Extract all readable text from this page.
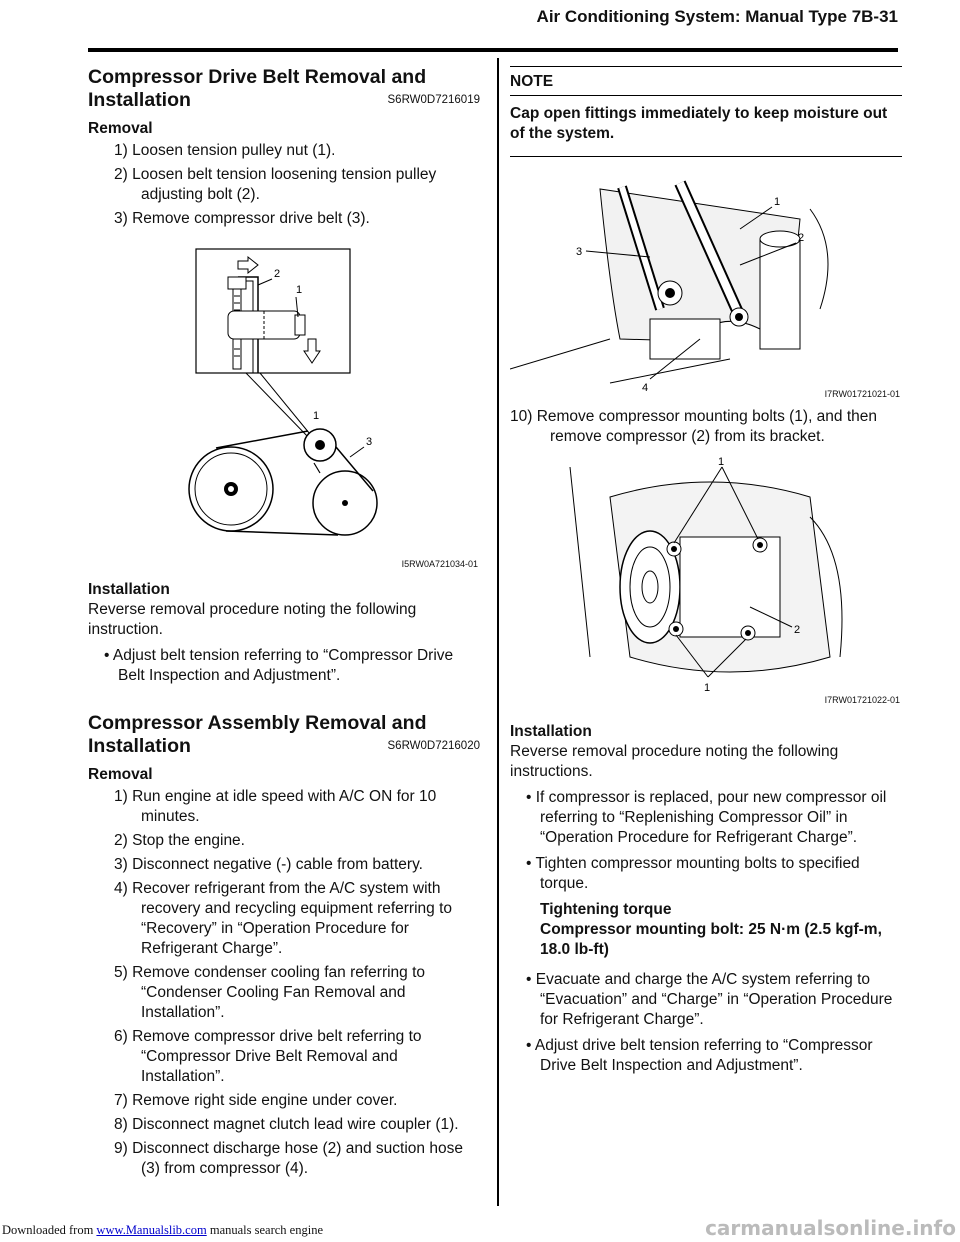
Air Conditioning System: Manual Type 7B-31
Compressor Drive Belt Removal and
Installation	S6RW0D7216019

Removal

1) Loosen tension pulley nut (1).

2) Loosen belt tension loosening tension pulley adjusting bolt (2).

3) Remove compressor drive belt (3).

2
1
1
3
I5RW0A721034-01

Installation

Reverse removal procedure noting the following instruction.

• Adjust belt tension referring to “Compressor Drive Belt Inspection and Adjustment”.

Compressor Assembly Removal and
Installation	S6RW0D7216020

Removal

1) Run engine at idle speed with A/C ON for 10 minutes.

2) Stop the engine.

3) Disconnect negative (-) cable from battery.

4) Recover refrigerant from the A/C system with recovery and recycling equipment referring to “Recovery” in “Operation Procedure for Refrigerant Charge”.

5) Remove condenser cooling fan referring to “Condenser Cooling Fan Removal and Installation”.

6) Remove compressor drive belt referring to “Compressor Drive Belt Removal and Installation”.

7) Remove right side engine under cover.

8) Disconnect magnet clutch lead wire coupler (1).

9) Disconnect discharge hose (2) and suction hose (3) from compressor (4).

NOTE

Cap open fittings immediately to keep moisture out of the system.

1
2
3
4	I7RW01721021-01

10) Remove compressor mounting bolts (1), and then remove compressor (2) from its bracket.

1
2
1
I7RW01721022-01

Installation

Reverse removal procedure noting the following instructions.

• If compressor is replaced, pour new compressor oil referring to “Replenishing Compressor Oil” in “Operation Procedure for Refrigerant Charge”.

• Tighten compressor mounting bolts to specified torque.

Tightening torque
Compressor mounting bolt: 25 N·m (2.5 kgf-m, 18.0 lb-ft)

• Evacuate and charge the A/C system referring to “Evacuation” and “Charge” in “Operation Procedure for Refrigerant Charge”.

• Adjust drive belt tension referring to “Compressor Drive Belt Inspection and Adjustment”.

Downloaded from www.Manualslib.com manuals search engine	carmanualsonline.info
